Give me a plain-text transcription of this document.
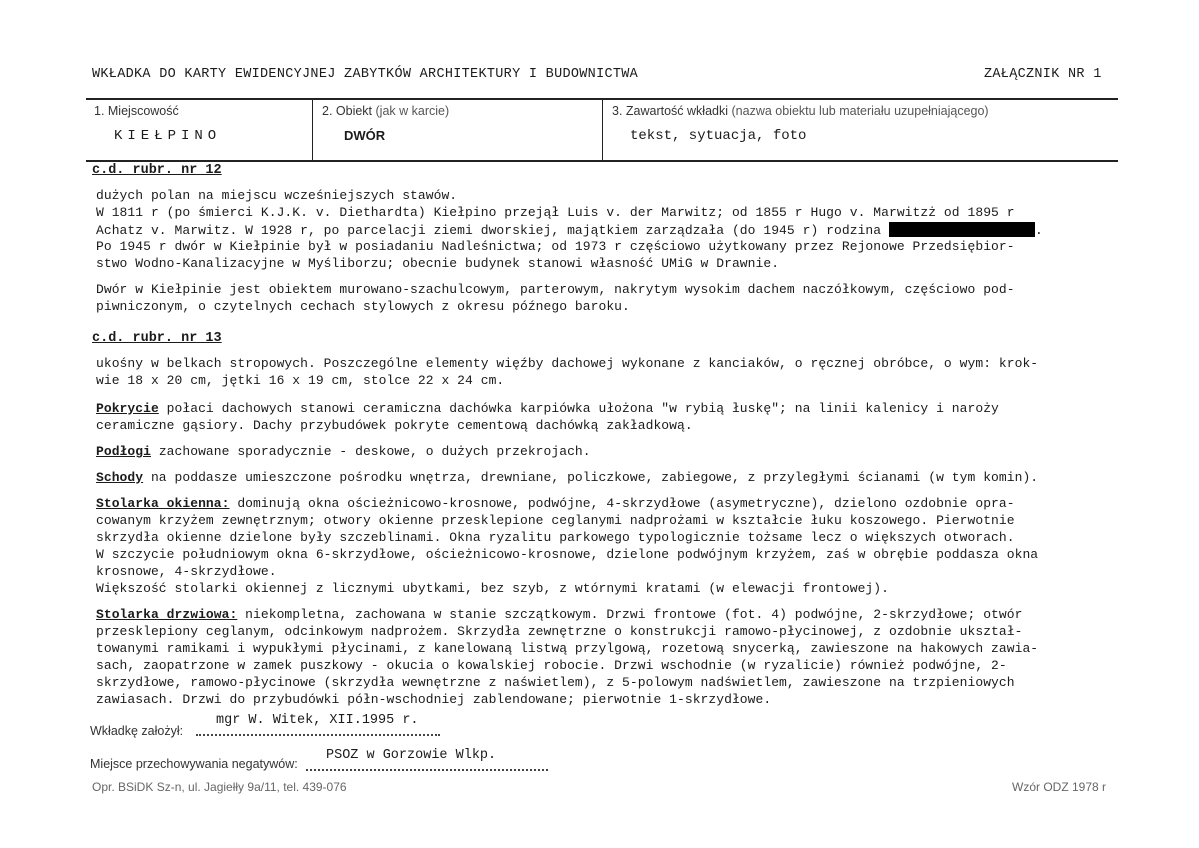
WKŁADKA DO KARTY EWIDENCYJNEJ ZABYTKÓW ARCHITEKTURY I BUDOWNICTWA	ZAŁĄCZNIK NR 1
1. Miejscowość
KIEŁPINO
2. Obiekt (jak w karcie)
DWÓR
3. Zawartość wkładki (nazwa obiektu lub materiału uzupełniającego)
tekst, sytuacja, foto
c.d. rubr. nr 12
dużych polan na miejscu wcześniejszych stawów.
W 1811 r (po śmierci K.J.K. v. Diethardta) Kiełpino przejął Luis v. der Marwitz; od 1855 r Hugo v. Marwitzż od 1895 r
Achatz v. Marwitz. W 1928 r, po parcelacji ziemi dworskiej, majątkiem zarządzała (do 1945 r) rodzina	.
Po 1945 r dwór w Kiełpinie był w posiadaniu Nadleśnictwa; od 1973 r częściowo użytkowany przez Rejonowe Przedsiębior-
stwo Wodno-Kanalizacyjne w Myśliborzu; obecnie budynek stanowi własność UMiG w Drawnie.
Dwór w Kiełpinie jest obiektem murowano-szachulcowym, parterowym, nakrytym wysokim dachem naczółkowym, częściowo pod-
piwniczonym, o czytelnych cechach stylowych z okresu późnego baroku.
c.d. rubr. nr 13
ukośny w belkach stropowych. Poszczególne elementy więźby dachowej wykonane z kanciaków, o ręcznej obróbce, o wym: krok-
wie 18 x 20 cm, jętki 16 x 19 cm, stolce 22 x 24 cm.
Pokrycie połaci dachowych stanowi ceramiczna dachówka karpiówka ułożona "w rybią łuskę"; na linii kalenicy i naroży
ceramiczne gąsiory. Dachy przybudówek pokryte cementową dachówką zakładkową.
Podłogi zachowane sporadycznie - deskowe, o dużych przekrojach.
Schody na poddasze umieszczone pośrodku wnętrza, drewniane, policzkowe, zabiegowe, z przyległymi ścianami (w tym komin).
Stolarka okienna: dominują okna ościeżnicowo-krosnowe, podwójne, 4-skrzydłowe (asymetryczne), dzielono ozdobnie opra-
cowanym krzyżem zewnętrznym; otwory okienne przesklepione ceglanymi nadprożami w kształcie łuku koszowego. Pierwotnie
skrzydła okienne dzielone były szczeblinami. Okna ryzalitu parkowego typologicznie tożsame lecz o większych otworach.
W szczycie południowym okna 6-skrzydłowe, ościeżnicowo-krosnowe, dzielone podwójnym krzyżem, zaś w obrębie poddasza okna
krosnowe, 4-skrzydłowe.
Większość stolarki okiennej z licznymi ubytkami, bez szyb, z wtórnymi kratami (w elewacji frontowej).
Stolarka drzwiowa: niekompletna, zachowana w stanie szczątkowym. Drzwi frontowe (fot. 4) podwójne, 2-skrzydłowe; otwór
przesklepiony ceglanym, odcinkowym nadprożem. Skrzydła zewnętrzne o konstrukcji ramowo-płycinowej, z ozdobnie ukształ-
towanymi ramikami i wypukłymi płycinami, z kanelowaną listwą przylgową, rozetową snycerką, zawieszone na hakowych zawia-
sach, zaopatrzone w zamek puszkowy - okucia o kowalskiej robocie. Drzwi wschodnie (w ryzalicie) również podwójne, 2-
skrzydłowe, ramowo-płycinowe (skrzydła wewnętrzne z naświetlem), z 5-polowym nadświetlem, zawieszone na trzpieniowych
zawiasach. Drzwi do przybudówki półn-wschodniej zablendowane; pierwotnie 1-skrzydłowe.
Wkładkę założył:
mgr W. Witek, XII.1995 r.
Miejsce przechowywania negatywów:
PSOZ w Gorzowie Wlkp.
Opr. BSiDK Sz-n, ul. Jagiełły 9a/11, tel. 439-076	Wzór ODZ 1978 r
